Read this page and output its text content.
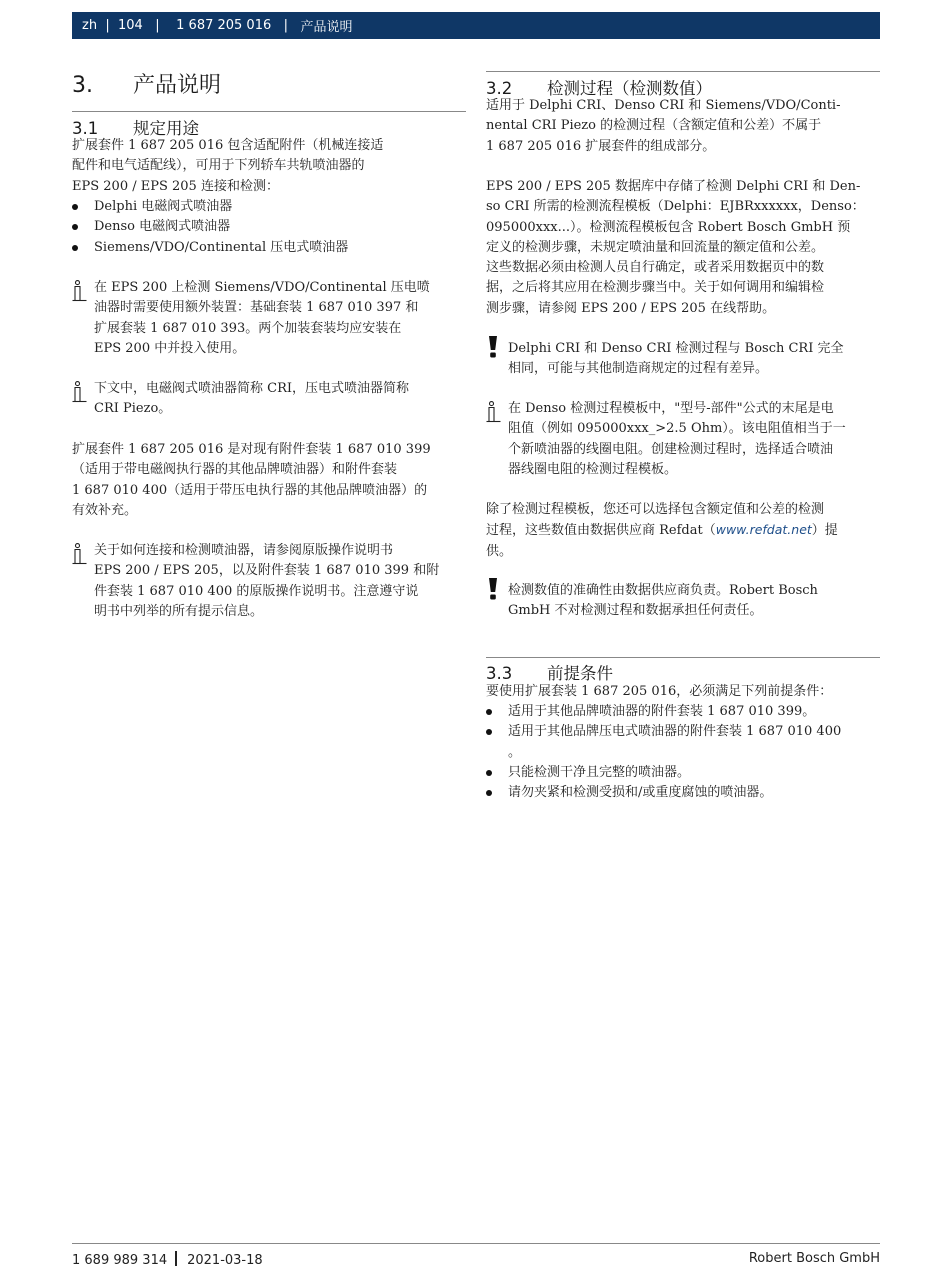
zh | 104 | 1 687 205 016 | 产品说明
3. 产品说明
3.1 规定用途
扩展套件 1 687 205 016 包含适配附件（机械连接适
配件和电气适配线），可用于下列轿车共轨喷油器的
EPS 200 / EPS 205 连接和检测：
Delphi 电磁阀式喷油器
Denso 电磁阀式喷油器
Siemens/VDO/Continental 压电式喷油器
在 EPS 200 上检测 Siemens/VDO/Continental 压电喷
油器时需要使用额外装置：基础套装 1 687 010 397 和
扩展套装 1 687 010 393。两个加装套装均应安装在
EPS 200 中并投入使用。
下文中，电磁阀式喷油器简称 CRI，压电式喷油器简称
CRI Piezo。
扩展套件 1 687 205 016 是对现有附件套装 1 687 010 399
（适用于带电磁阀执行器的其他品牌喷油器）和附件套装
1 687 010 400（适用于带压电执行器的其他品牌喷油器）的
有效补充。
关于如何连接和检测喷油器，请参阅原版操作说明书
EPS 200 / EPS 205，以及附件套装 1 687 010 399 和附
件套装 1 687 010 400 的原版操作说明书。注意遵守说
明书中列举的所有提示信息。
3.2 检测过程（检测数值）
适用于 Delphi CRI、Denso CRI 和 Siemens/VDO/Conti-
nental CRI Piezo 的检测过程（含额定值和公差）不属于
1 687 205 016 扩展套件的组成部分。
EPS 200 / EPS 205 数据库中存储了检测 Delphi CRI 和 Den-
so CRI 所需的检测流程模板（Delphi：EJBRxxxxxx，Denso：
095000xxx...）。检测流程模板包含 Robert Bosch GmbH 预
定义的检测步骤，未规定喷油量和回流量的额定值和公差。
这些数据必须由检测人员自行确定，或者采用数据页中的数
据，之后将其应用在检测步骤当中。关于如何调用和编辑检
测步骤，请参阅 EPS 200 / EPS 205 在线帮助。
Delphi CRI 和 Denso CRI 检测过程与 Bosch CRI 完全
相同，可能与其他制造商规定的过程有差异。
在 Denso 检测过程模板中，"型号-部件"公式的末尾是电
阻值（例如 095000xxx_>2.5 Ohm）。该电阻值相当于一
个新喷油器的线圈电阻。创建检测过程时，选择适合喷油
器线圈电阻的检测过程模板。
除了检测过程模板，您还可以选择包含额定值和公差的检测
过程，这些数值由数据供应商 Refdat（www.refdat.net）提
供。
检测数值的准确性由数据供应商负责。Robert Bosch
GmbH 不对检测过程和数据承担任何责任。
3.3 前提条件
要使用扩展套装 1 687 205 016，必须满足下列前提条件：
适用于其他品牌喷油器的附件套装 1 687 010 399。
适用于其他品牌压电式喷油器的附件套装 1 687 010 400
。
只能检测干净且完整的喷油器。
请勿夹紧和检测受损和/或重度腐蚀的喷油器。
1 689 989 314 2021-03-18	Robert Bosch GmbH
